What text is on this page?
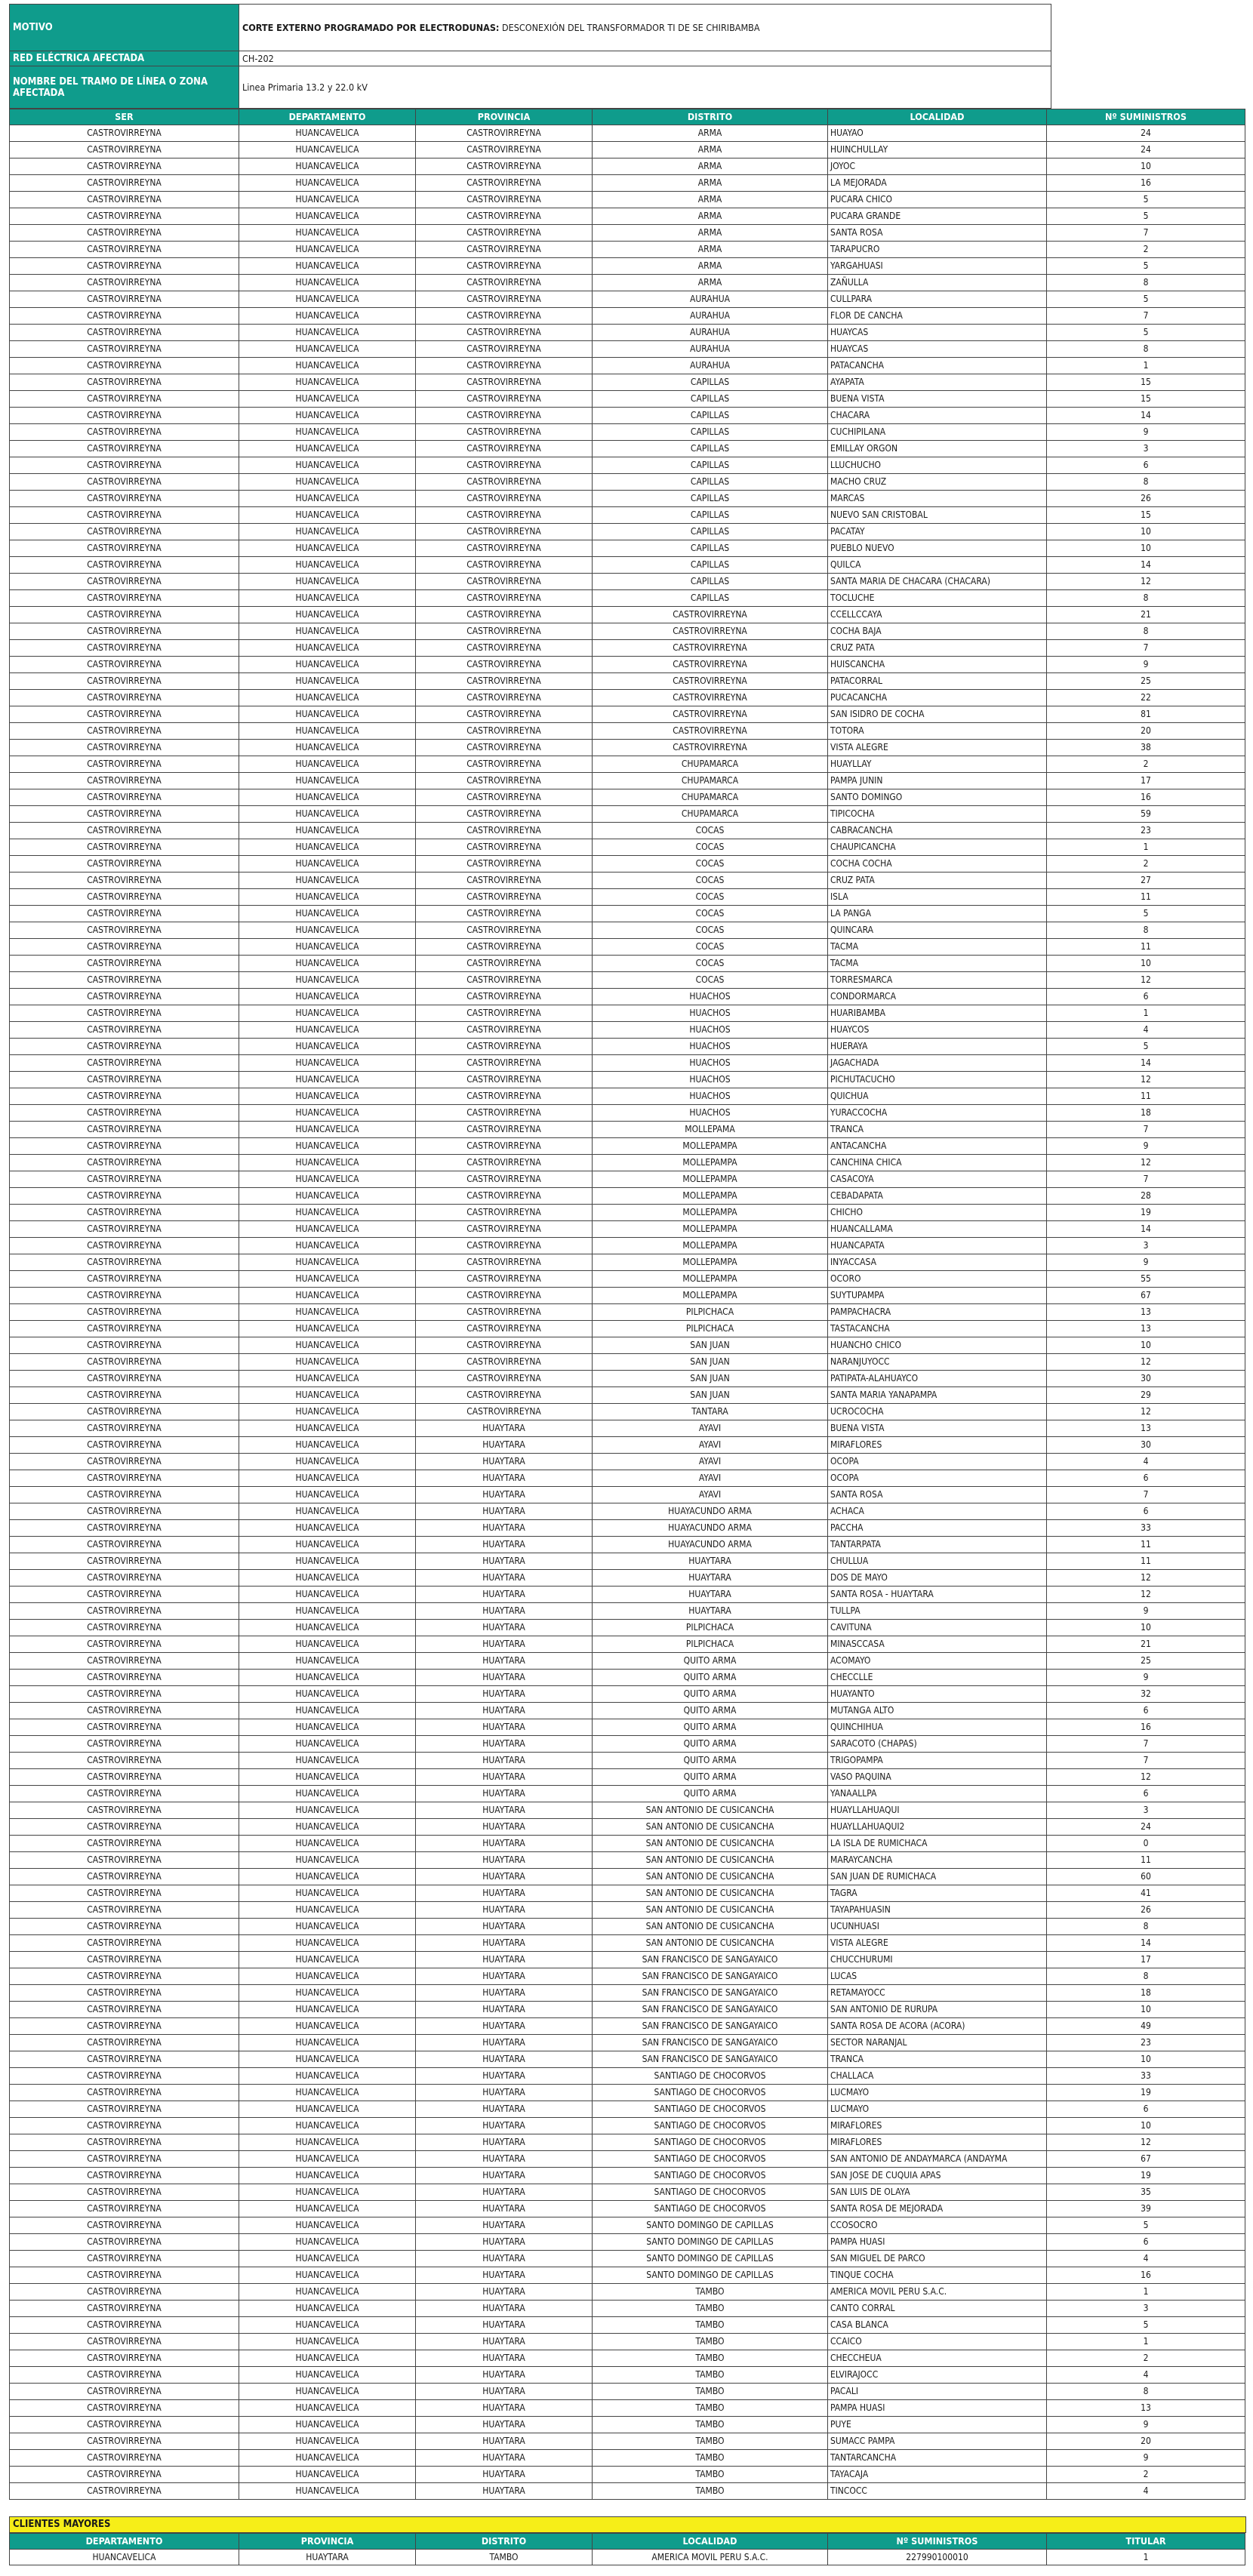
MOTIVO	CORTE EXTERNO PROGRAMADO POR ELECTRODUNAS: DESCONEXIÓN DEL TRANSFORMADOR TI DE SE CHIRIBAMBA
RED ELÉCTRICA AFECTADA	CH-202
NOMBRE DEL TRAMO DE LÍNEA O ZONA AFECTADA	Linea Primaria 13.2 y 22.0 kV
SER	DEPARTAMENTO	PROVINCIA	DISTRITO	LOCALIDAD	Nº SUMINISTROS
CASTROVIRREYNA	HUANCAVELICA	CASTROVIRREYNA	ARMA	HUAYAO	24
CASTROVIRREYNA	HUANCAVELICA	CASTROVIRREYNA	ARMA	HUINCHULLAY	24
CASTROVIRREYNA	HUANCAVELICA	CASTROVIRREYNA	ARMA	JOYOC	10
CASTROVIRREYNA	HUANCAVELICA	CASTROVIRREYNA	ARMA	LA MEJORADA	16
CASTROVIRREYNA	HUANCAVELICA	CASTROVIRREYNA	ARMA	PUCARA CHICO	5
CASTROVIRREYNA	HUANCAVELICA	CASTROVIRREYNA	ARMA	PUCARA GRANDE	5
CASTROVIRREYNA	HUANCAVELICA	CASTROVIRREYNA	ARMA	SANTA ROSA	7
CASTROVIRREYNA	HUANCAVELICA	CASTROVIRREYNA	ARMA	TARAPUCRO	2
CASTROVIRREYNA	HUANCAVELICA	CASTROVIRREYNA	ARMA	YARGAHUASI	5
CASTROVIRREYNA	HUANCAVELICA	CASTROVIRREYNA	ARMA	ZAÑULLA	8
CASTROVIRREYNA	HUANCAVELICA	CASTROVIRREYNA	AURAHUA	CULLPARA	5
CASTROVIRREYNA	HUANCAVELICA	CASTROVIRREYNA	AURAHUA	FLOR DE CANCHA	7
CASTROVIRREYNA	HUANCAVELICA	CASTROVIRREYNA	AURAHUA	HUAYCAS	5
CASTROVIRREYNA	HUANCAVELICA	CASTROVIRREYNA	AURAHUA	HUAYCAS	8
CASTROVIRREYNA	HUANCAVELICA	CASTROVIRREYNA	AURAHUA	PATACANCHA	1
CASTROVIRREYNA	HUANCAVELICA	CASTROVIRREYNA	CAPILLAS	AYAPATA	15
CASTROVIRREYNA	HUANCAVELICA	CASTROVIRREYNA	CAPILLAS	BUENA VISTA	15
CASTROVIRREYNA	HUANCAVELICA	CASTROVIRREYNA	CAPILLAS	CHACARA	14
CASTROVIRREYNA	HUANCAVELICA	CASTROVIRREYNA	CAPILLAS	CUCHIPILANA	9
CASTROVIRREYNA	HUANCAVELICA	CASTROVIRREYNA	CAPILLAS	EMILLAY ORGON	3
CASTROVIRREYNA	HUANCAVELICA	CASTROVIRREYNA	CAPILLAS	LLUCHUCHO	6
CASTROVIRREYNA	HUANCAVELICA	CASTROVIRREYNA	CAPILLAS	MACHO CRUZ	8
CASTROVIRREYNA	HUANCAVELICA	CASTROVIRREYNA	CAPILLAS	MARCAS	26
CASTROVIRREYNA	HUANCAVELICA	CASTROVIRREYNA	CAPILLAS	NUEVO SAN CRISTOBAL	15
CASTROVIRREYNA	HUANCAVELICA	CASTROVIRREYNA	CAPILLAS	PACATAY	10
CASTROVIRREYNA	HUANCAVELICA	CASTROVIRREYNA	CAPILLAS	PUEBLO NUEVO	10
CASTROVIRREYNA	HUANCAVELICA	CASTROVIRREYNA	CAPILLAS	QUILCA	14
CASTROVIRREYNA	HUANCAVELICA	CASTROVIRREYNA	CAPILLAS	SANTA MARIA DE CHACARA (CHACARA)	12
CASTROVIRREYNA	HUANCAVELICA	CASTROVIRREYNA	CAPILLAS	TOCLUCHE	8
CASTROVIRREYNA	HUANCAVELICA	CASTROVIRREYNA	CASTROVIRREYNA	CCELLCCAYA	21
CASTROVIRREYNA	HUANCAVELICA	CASTROVIRREYNA	CASTROVIRREYNA	COCHA BAJA	8
CASTROVIRREYNA	HUANCAVELICA	CASTROVIRREYNA	CASTROVIRREYNA	CRUZ PATA	7
CASTROVIRREYNA	HUANCAVELICA	CASTROVIRREYNA	CASTROVIRREYNA	HUISCANCHA	9
CASTROVIRREYNA	HUANCAVELICA	CASTROVIRREYNA	CASTROVIRREYNA	PATACORRAL	25
CASTROVIRREYNA	HUANCAVELICA	CASTROVIRREYNA	CASTROVIRREYNA	PUCACANCHA	22
CASTROVIRREYNA	HUANCAVELICA	CASTROVIRREYNA	CASTROVIRREYNA	SAN ISIDRO DE COCHA	81
CASTROVIRREYNA	HUANCAVELICA	CASTROVIRREYNA	CASTROVIRREYNA	TOTORA	20
CASTROVIRREYNA	HUANCAVELICA	CASTROVIRREYNA	CASTROVIRREYNA	VISTA ALEGRE	38
CASTROVIRREYNA	HUANCAVELICA	CASTROVIRREYNA	CHUPAMARCA	HUAYLLAY	2
CASTROVIRREYNA	HUANCAVELICA	CASTROVIRREYNA	CHUPAMARCA	PAMPA JUNIN	17
CASTROVIRREYNA	HUANCAVELICA	CASTROVIRREYNA	CHUPAMARCA	SANTO DOMINGO	16
CASTROVIRREYNA	HUANCAVELICA	CASTROVIRREYNA	CHUPAMARCA	TIPICOCHA	59
CASTROVIRREYNA	HUANCAVELICA	CASTROVIRREYNA	COCAS	CABRACANCHA	23
CASTROVIRREYNA	HUANCAVELICA	CASTROVIRREYNA	COCAS	CHAUPICANCHA	1
CASTROVIRREYNA	HUANCAVELICA	CASTROVIRREYNA	COCAS	COCHA COCHA	2
CASTROVIRREYNA	HUANCAVELICA	CASTROVIRREYNA	COCAS	CRUZ PATA	27
CASTROVIRREYNA	HUANCAVELICA	CASTROVIRREYNA	COCAS	ISLA	11
CASTROVIRREYNA	HUANCAVELICA	CASTROVIRREYNA	COCAS	LA PANGA	5
CASTROVIRREYNA	HUANCAVELICA	CASTROVIRREYNA	COCAS	QUINCARA	8
CASTROVIRREYNA	HUANCAVELICA	CASTROVIRREYNA	COCAS	TACMA	11
CASTROVIRREYNA	HUANCAVELICA	CASTROVIRREYNA	COCAS	TACMA	10
CASTROVIRREYNA	HUANCAVELICA	CASTROVIRREYNA	COCAS	TORRESMARCA	12
CASTROVIRREYNA	HUANCAVELICA	CASTROVIRREYNA	HUACHOS	CONDORMARCA	6
CASTROVIRREYNA	HUANCAVELICA	CASTROVIRREYNA	HUACHOS	HUARIBAMBA	1
CASTROVIRREYNA	HUANCAVELICA	CASTROVIRREYNA	HUACHOS	HUAYCOS	4
CASTROVIRREYNA	HUANCAVELICA	CASTROVIRREYNA	HUACHOS	HUERAYA	5
CASTROVIRREYNA	HUANCAVELICA	CASTROVIRREYNA	HUACHOS	JAGACHADA	14
CASTROVIRREYNA	HUANCAVELICA	CASTROVIRREYNA	HUACHOS	PICHUTACUCHO	12
CASTROVIRREYNA	HUANCAVELICA	CASTROVIRREYNA	HUACHOS	QUICHUA	11
CASTROVIRREYNA	HUANCAVELICA	CASTROVIRREYNA	HUACHOS	YURACCOCHA	18
CASTROVIRREYNA	HUANCAVELICA	CASTROVIRREYNA	MOLLEPAMA	TRANCA	7
CASTROVIRREYNA	HUANCAVELICA	CASTROVIRREYNA	MOLLEPAMPA	ANTACANCHA	9
CASTROVIRREYNA	HUANCAVELICA	CASTROVIRREYNA	MOLLEPAMPA	CANCHINA CHICA	12
CASTROVIRREYNA	HUANCAVELICA	CASTROVIRREYNA	MOLLEPAMPA	CASACOYA	7
CASTROVIRREYNA	HUANCAVELICA	CASTROVIRREYNA	MOLLEPAMPA	CEBADAPATA	28
CASTROVIRREYNA	HUANCAVELICA	CASTROVIRREYNA	MOLLEPAMPA	CHICHO	19
CASTROVIRREYNA	HUANCAVELICA	CASTROVIRREYNA	MOLLEPAMPA	HUANCALLAMA	14
CASTROVIRREYNA	HUANCAVELICA	CASTROVIRREYNA	MOLLEPAMPA	HUANCAPATA	3
CASTROVIRREYNA	HUANCAVELICA	CASTROVIRREYNA	MOLLEPAMPA	INYACCASA	9
CASTROVIRREYNA	HUANCAVELICA	CASTROVIRREYNA	MOLLEPAMPA	OCORO	55
CASTROVIRREYNA	HUANCAVELICA	CASTROVIRREYNA	MOLLEPAMPA	SUYTUPAMPA	67
CASTROVIRREYNA	HUANCAVELICA	CASTROVIRREYNA	PILPICHACA	PAMPACHACRA	13
CASTROVIRREYNA	HUANCAVELICA	CASTROVIRREYNA	PILPICHACA	TASTACANCHA	13
CASTROVIRREYNA	HUANCAVELICA	CASTROVIRREYNA	SAN JUAN	HUANCHO CHICO	10
CASTROVIRREYNA	HUANCAVELICA	CASTROVIRREYNA	SAN JUAN	NARANJUYOCC	12
CASTROVIRREYNA	HUANCAVELICA	CASTROVIRREYNA	SAN JUAN	PATIPATA-ALAHUAYCO	30
CASTROVIRREYNA	HUANCAVELICA	CASTROVIRREYNA	SAN JUAN	SANTA MARIA YANAPAMPA	29
CASTROVIRREYNA	HUANCAVELICA	CASTROVIRREYNA	TANTARA	UCROCOCHA	12
CASTROVIRREYNA	HUANCAVELICA	HUAYTARA	AYAVI	BUENA VISTA	13
CASTROVIRREYNA	HUANCAVELICA	HUAYTARA	AYAVI	MIRAFLORES	30
CASTROVIRREYNA	HUANCAVELICA	HUAYTARA	AYAVI	OCOPA	4
CASTROVIRREYNA	HUANCAVELICA	HUAYTARA	AYAVI	OCOPA	6
CASTROVIRREYNA	HUANCAVELICA	HUAYTARA	AYAVI	SANTA ROSA	7
CASTROVIRREYNA	HUANCAVELICA	HUAYTARA	HUAYACUNDO ARMA	ACHACA	6
CASTROVIRREYNA	HUANCAVELICA	HUAYTARA	HUAYACUNDO ARMA	PACCHA	33
CASTROVIRREYNA	HUANCAVELICA	HUAYTARA	HUAYACUNDO ARMA	TANTARPATA	11
CASTROVIRREYNA	HUANCAVELICA	HUAYTARA	HUAYTARA	CHULLUA	11
CASTROVIRREYNA	HUANCAVELICA	HUAYTARA	HUAYTARA	DOS DE MAYO	12
CASTROVIRREYNA	HUANCAVELICA	HUAYTARA	HUAYTARA	SANTA ROSA - HUAYTARA	12
CASTROVIRREYNA	HUANCAVELICA	HUAYTARA	HUAYTARA	TULLPA	9
CASTROVIRREYNA	HUANCAVELICA	HUAYTARA	PILPICHACA	CAVITUNA	10
CASTROVIRREYNA	HUANCAVELICA	HUAYTARA	PILPICHACA	MINASCCASA	21
CASTROVIRREYNA	HUANCAVELICA	HUAYTARA	QUITO ARMA	ACOMAYO	25
CASTROVIRREYNA	HUANCAVELICA	HUAYTARA	QUITO ARMA	CHECCLLE	9
CASTROVIRREYNA	HUANCAVELICA	HUAYTARA	QUITO ARMA	HUAYANTO	32
CASTROVIRREYNA	HUANCAVELICA	HUAYTARA	QUITO ARMA	MUTANGA ALTO	6
CASTROVIRREYNA	HUANCAVELICA	HUAYTARA	QUITO ARMA	QUINCHIHUA	16
CASTROVIRREYNA	HUANCAVELICA	HUAYTARA	QUITO ARMA	SARACOTO (CHAPAS)	7
CASTROVIRREYNA	HUANCAVELICA	HUAYTARA	QUITO ARMA	TRIGOPAMPA	7
CASTROVIRREYNA	HUANCAVELICA	HUAYTARA	QUITO ARMA	VASO PAQUINA	12
CASTROVIRREYNA	HUANCAVELICA	HUAYTARA	QUITO ARMA	YANAALLPA	6
CASTROVIRREYNA	HUANCAVELICA	HUAYTARA	SAN ANTONIO DE CUSICANCHA	HUAYLLAHUAQUI	3
CASTROVIRREYNA	HUANCAVELICA	HUAYTARA	SAN ANTONIO DE CUSICANCHA	HUAYLLAHUAQUI2	24
CASTROVIRREYNA	HUANCAVELICA	HUAYTARA	SAN ANTONIO DE CUSICANCHA	LA ISLA DE RUMICHACA	0
CASTROVIRREYNA	HUANCAVELICA	HUAYTARA	SAN ANTONIO DE CUSICANCHA	MARAYCANCHA	11
CASTROVIRREYNA	HUANCAVELICA	HUAYTARA	SAN ANTONIO DE CUSICANCHA	SAN JUAN DE RUMICHACA	60
CASTROVIRREYNA	HUANCAVELICA	HUAYTARA	SAN ANTONIO DE CUSICANCHA	TAGRA	41
CASTROVIRREYNA	HUANCAVELICA	HUAYTARA	SAN ANTONIO DE CUSICANCHA	TAYAPAHUASIN	26
CASTROVIRREYNA	HUANCAVELICA	HUAYTARA	SAN ANTONIO DE CUSICANCHA	UCUNHUASI	8
CASTROVIRREYNA	HUANCAVELICA	HUAYTARA	SAN ANTONIO DE CUSICANCHA	VISTA ALEGRE	14
CASTROVIRREYNA	HUANCAVELICA	HUAYTARA	SAN FRANCISCO DE SANGAYAICO	CHUCCHURUMI	17
CASTROVIRREYNA	HUANCAVELICA	HUAYTARA	SAN FRANCISCO DE SANGAYAICO	LUCAS	8
CASTROVIRREYNA	HUANCAVELICA	HUAYTARA	SAN FRANCISCO DE SANGAYAICO	RETAMAYOCC	18
CASTROVIRREYNA	HUANCAVELICA	HUAYTARA	SAN FRANCISCO DE SANGAYAICO	SAN ANTONIO DE RURUPA	10
CASTROVIRREYNA	HUANCAVELICA	HUAYTARA	SAN FRANCISCO DE SANGAYAICO	SANTA ROSA DE ACORA (ACORA)	49
CASTROVIRREYNA	HUANCAVELICA	HUAYTARA	SAN FRANCISCO DE SANGAYAICO	SECTOR NARANJAL	23
CASTROVIRREYNA	HUANCAVELICA	HUAYTARA	SAN FRANCISCO DE SANGAYAICO	TRANCA	10
CASTROVIRREYNA	HUANCAVELICA	HUAYTARA	SANTIAGO DE CHOCORVOS	CHALLACA	33
CASTROVIRREYNA	HUANCAVELICA	HUAYTARA	SANTIAGO DE CHOCORVOS	LUCMAYO	19
CASTROVIRREYNA	HUANCAVELICA	HUAYTARA	SANTIAGO DE CHOCORVOS	LUCMAYO	6
CASTROVIRREYNA	HUANCAVELICA	HUAYTARA	SANTIAGO DE CHOCORVOS	MIRAFLORES	10
CASTROVIRREYNA	HUANCAVELICA	HUAYTARA	SANTIAGO DE CHOCORVOS	MIRAFLORES	12
CASTROVIRREYNA	HUANCAVELICA	HUAYTARA	SANTIAGO DE CHOCORVOS	SAN ANTONIO DE ANDAYMARCA (ANDAYMA	67
CASTROVIRREYNA	HUANCAVELICA	HUAYTARA	SANTIAGO DE CHOCORVOS	SAN JOSE DE CUQUIA APAS	19
CASTROVIRREYNA	HUANCAVELICA	HUAYTARA	SANTIAGO DE CHOCORVOS	SAN LUIS DE OLAYA	35
CASTROVIRREYNA	HUANCAVELICA	HUAYTARA	SANTIAGO DE CHOCORVOS	SANTA ROSA DE MEJORADA	39
CASTROVIRREYNA	HUANCAVELICA	HUAYTARA	SANTO DOMINGO DE CAPILLAS	CCOSOCRO	5
CASTROVIRREYNA	HUANCAVELICA	HUAYTARA	SANTO DOMINGO DE CAPILLAS	PAMPA HUASI	6
CASTROVIRREYNA	HUANCAVELICA	HUAYTARA	SANTO DOMINGO DE CAPILLAS	SAN MIGUEL DE PARCO	4
CASTROVIRREYNA	HUANCAVELICA	HUAYTARA	SANTO DOMINGO DE CAPILLAS	TINQUE COCHA	16
CASTROVIRREYNA	HUANCAVELICA	HUAYTARA	TAMBO	AMERICA MOVIL PERU S.A.C.	1
CASTROVIRREYNA	HUANCAVELICA	HUAYTARA	TAMBO	CANTO CORRAL	3
CASTROVIRREYNA	HUANCAVELICA	HUAYTARA	TAMBO	CASA BLANCA	5
CASTROVIRREYNA	HUANCAVELICA	HUAYTARA	TAMBO	CCAICO	1
CASTROVIRREYNA	HUANCAVELICA	HUAYTARA	TAMBO	CHECCHEUA	2
CASTROVIRREYNA	HUANCAVELICA	HUAYTARA	TAMBO	ELVIRAJOCC	4
CASTROVIRREYNA	HUANCAVELICA	HUAYTARA	TAMBO	PACALI	8
CASTROVIRREYNA	HUANCAVELICA	HUAYTARA	TAMBO	PAMPA HUASI	13
CASTROVIRREYNA	HUANCAVELICA	HUAYTARA	TAMBO	PUYE	9
CASTROVIRREYNA	HUANCAVELICA	HUAYTARA	TAMBO	SUMACC PAMPA	20
CASTROVIRREYNA	HUANCAVELICA	HUAYTARA	TAMBO	TANTARCANCHA	9
CASTROVIRREYNA	HUANCAVELICA	HUAYTARA	TAMBO	TAYACAJA	2
CASTROVIRREYNA	HUANCAVELICA	HUAYTARA	TAMBO	TINCOCC	4
CLIENTES MAYORES
DEPARTAMENTO	PROVINCIA	DISTRITO	LOCALIDAD	Nº SUMINISTROS	TITULAR
HUANCAVELICA	HUAYTARA	TAMBO	AMERICA MOVIL PERU S.A.C.	227990100010	1
